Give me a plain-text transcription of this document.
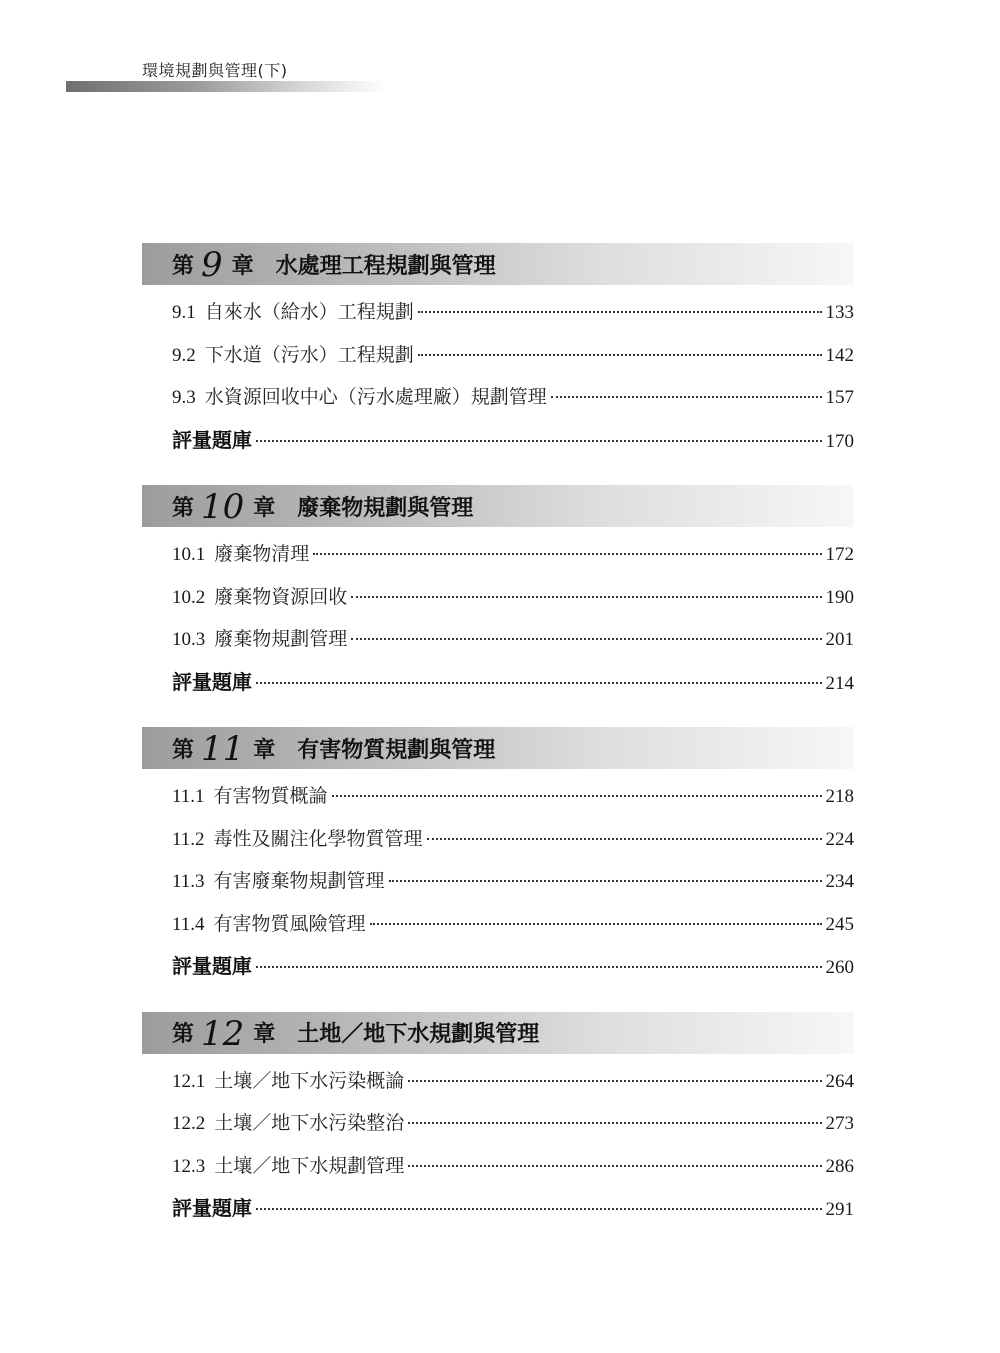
環境規劃與管理(下)
第 9 章 水處理工程規劃與管理
9.1 自來水（給水）工程規劃	133
9.2 下水道（污水）工程規劃	142
9.3 水資源回收中心（污水處理廠）規劃管理	157
評量題庫	170
第 10 章 廢棄物規劃與管理
10.1 廢棄物清理	172
10.2 廢棄物資源回收	190
10.3 廢棄物規劃管理	201
評量題庫	214
第 11 章 有害物質規劃與管理
11.1 有害物質概論	218
11.2 毒性及關注化學物質管理	224
11.3 有害廢棄物規劃管理	234
11.4 有害物質風險管理	245
評量題庫	260
第 12 章 土地／地下水規劃與管理
12.1 土壤／地下水污染概論	264
12.2 土壤／地下水污染整治	273
12.3 土壤／地下水規劃管理	286
評量題庫	291
